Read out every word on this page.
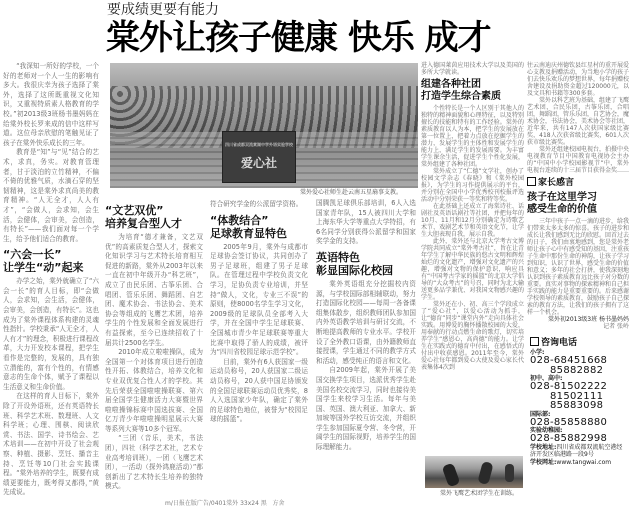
要成绩更要有能力
棠外让孩子健康 快乐 成才

“我深知一所好的学校，一个好的老师对一个人一生的影响有多大。我很庆幸为孩子选择了棠外，选择了这所既重视文化知识，又重视特质素人格教育的学校。”初2013级3班杨书墨妈妈在给棠外校长罗来成的信中这样写道。这位母亲欣慰的笔触见证了孩子在棠外快乐成长的三年。

教育是“知”与“见”结合的艺术，求真，务实。对教育管理者，甘于淡泊的立竹精神，不偏不倚的优雅气质，水滴石穿的坚韧精神，这是棠外求真尚美的教育精神。“人无全才，人人有才”，“会做人，会求知，会生活，会健体，会审美，会创造，有特长”——我们面对每一个学生，给予他们适合的教育。

“六会一长”
让学生“动”起来

办学之始，棠外就确立了“六会一长”的育人目标，即“会做人，会求知，会生活，会健体，会审美，会创造，有特长”。这也成为了棠外课程体系构建的灵魂性指针。学校秉承“人无全才，人人有才”的理念，积极进行课程改革，大力开发校本课程，把学生看作是完整的，发展的，具有独立潜能的，富有个性的，有情感意志的生命个体，赋予了课程以生活意义和生命价值。

在这样的育人目标下，棠外除了开设外语班，还有英语特长班、科学艺术班、数理班、人文科学班；心理、围棋、阅读欣赏、书法、国学、诗书绘会、艺术培训——在初中开设了社会观察、种植、摄影、烹饪、播音主持、烹饪等10门社会实践课程。“棠外培养的学生，既要有成绩更要能力，既考得又都得，”黄先成说。

四川省成都双流棠湖中学外语实验学校
爱心社
棠外爱心社师生赴云南五星扇事支教。
“文艺双优”
培养复合型人才

为培育“德才兼备，文艺双优”的高素质复合型人才，探索文化知识学习与艺术特长培育相互促进的新路，棠外从2003年以来一直在初中年级开办“科艺班”，成立了由民乐团、古筝乐团、合唱团、管乐乐团、舞蹈团、自艺团、魔术协会、书法协会、美术协会等组成的飞鹰艺术团，培养学生的个性发展和全面发展进行有益探索，至今已连续招收了十届共计2500名学生。

2010年成立啦啦操队，成为全国第一个对体育项目进行创造性开拓、体教结合，培养文化和专业双优复合性人才的学校。其先后荣获全国啦啦操联赛、第六届全国学生健康活力大赛暨世界啦啦操锦标赛中国选拔赛、全国亿万青少年啦啦操明星展示大赛等系列大赛等10多个冠军。

“三团（音乐，美术，书法团），四社（科学艺术社，艺术专业高考培训班），一团（飞鹰艺术团），一活动（探外鸿鹿活动）”都创新出了艺术特长生培养的独特模式。

符合研究学金的公派留学资格。

“体教结合”
足球教育显特色

2005年9月，棠外与成都市足球协会签订协议，共同创办了男子足球班，组建了男子足球队。在管理过程中学校负责文化学习，足协负责专业培训，并坚持“做人，文化，专业三不误”的原则，使8000名学生学习文化，2009级的足球队员全部考入大学，并在全国中学生足球联赛、全国城市青少年足球联赛等重大比赛中取得了骄人的成绩，被评为“四川省校园足球示范学校”。

目前，棠外有6人获国家一级运动员称号，20人获国家二级运动员称号，20人获中国足协颁发的全国足球联赛运动员优秀奖，8人入选国家少年队，确定了棠外的足球特色地位，被誉为“校园足球的摇篮”。

国腾凯足球俱乐部培训，6人入选国家青年队，15人被四川大学和上海东华大学等重点大学特招，有6名同学分别获得公派留学和国家奖学金的支持。

英语特色
彰显国际化校园

棠外英语组充分挖掘校内资源，与学校国际部相辅联动，努力打造国际化校园——每周一各备课组集体散步，组织教师团队参加国内外英语教学培训与研讨交流，不断地提高教师的专业水平。学校开设了全外教口语课，由外籍教师直接授课，学生通过不同的教学方式和活动，感受纯正的语言和文化。

自2009年起，棠外开展了美国交换学生项目，选派优秀学生赴美国名校交流学习，同时也接待美国学生来校学习生活。每年与美国、英国、澳大利亚、加拿大、新加坡等国外学校互访交流，并组织学生参加国际夏令营、冬令营，开阔学生的国际视野，培养学生的国际理解能力。

进入德国莱茵应用技术大学以及美国的多所大学就读。

组建各种社团
打造学生综合素质

个性特长是一个人区别于其他人的独特的精神面貌和心理特征，以及特别擅长的技能和特有的工作经验。棠外的素质教育以人为本，把学生的发展放在第一位置上，把着力点放在挖掘学生的潜力，发展学生的主体性和发展学生的能力上，满足学生的发展需要。为丰富学生课余生活，促进学生个性化发展，棠外组建了各种社团。

棠外成立了“仁德”文学社，创办了校园文学杂志《春晓》和《棠外校园报》，为学生的习作提供展示的平台，并分别在全国中小学优秀校刊校报评选活动中分别荣获一等奖和特等奖。

在此基础上还成立了海棠诗社、话剧社及英语话剧社等社团，并把每年的10月、11月和12月分别确定为诗歌艺术节、戏剧艺术节和英语文化节，让学生大胆表现自我，展示自我。

此外，棠外还与北京大学考古文博学院共同成立“棠外考古社”，旨在让青年学生了解中华民族的悠古文明和辉煌灿烂的文化遗产，增强对文化遗产的兴趣，增强对文物的保护意识，响应具有“中国考古学家的摇篮”的北京大学倡导的“大众考古”的号召，同时为北大输送更多品学兼优、对我国文物感兴趣的学生。

棠外还在小、初、高三个学段成立了“爱心社”，以爱心活动为抓手，让“德育”同步“课堂内外”走向具体社会实践。用博爱的胸怀播散校园的大爱，用奉献的行动点燃生命的歌灯，切实培养学生“感恩心，高尚德”的能力。让学生在实践式的德育中付出，在感悟式的付出中收获感恩。2011年至今，棠外爱心社每年都到爱心大使及爱心家长代表集体4次到

棠外飞鹰艺术团学生在训练。

往云南迪庆州德钦县红星村的重开展爱心支教及捐赠活动，为当地小学的孩子们去快乐欢乐的梦想世界，每年捐赠校舍建设及捐助资金超过120000元，以及文具和书籍等300多套。

棠外以科艺班为基础，组建了飞鹰艺术团，合民乐团，古筝乐团，合唱团，舞蹈团，管乐乐团，自艺协会，魔术协会，书法协会，美术协会等社团，近年来，共有147人次获国家级比赛奖，418人次获省级比赛奖，601人次获市级比赛奖。

棠外还组建校园电视台，拍摄中央电视教育节目中国教育电视协会主办的“中国中小学校园影视节”中，棠外电视台连续的十三届节目获得金奖……

家长感言
孩子在这里学习
感受生命的价值

三年中孩子一点一滴的进步，给我们带来太多太多的惊喜。孩子的进步和成长让我们感到无比的欣慰。回首过去的日子，我们由衷地感到，您是棠外老师让孩子心中有感受知的基因，注重孩子生命中那份生命的神韵，让孩子学习到知识，认识了世界，感受生命的价值和意义；多年的社会打拼，使我深刻地认识到孩子素质教育远比孩子对分数的重要。真实对事物的探索精神和自己担手实践的能力是重要重要的。后来感谢学校领导的素质教育，鼓励孩子自己探索的教育方法，让我们的孩子拥有了这样一个机会。

棠外初2013级3班 杨书墨妈妈
记者 张岭
咨询电话
小学:
028-68451668
85882882
初中、高中:
028-81502222
81502111
85883098
国际部:
028-85858880
实验幼稚园:
028-85882998
学校地址:四川省成都双流航空港经济开发区临港路一段9号
学校网址:www.tangwai.com
m/日报在版广告/0401棠外 33x24 黑   方舍
